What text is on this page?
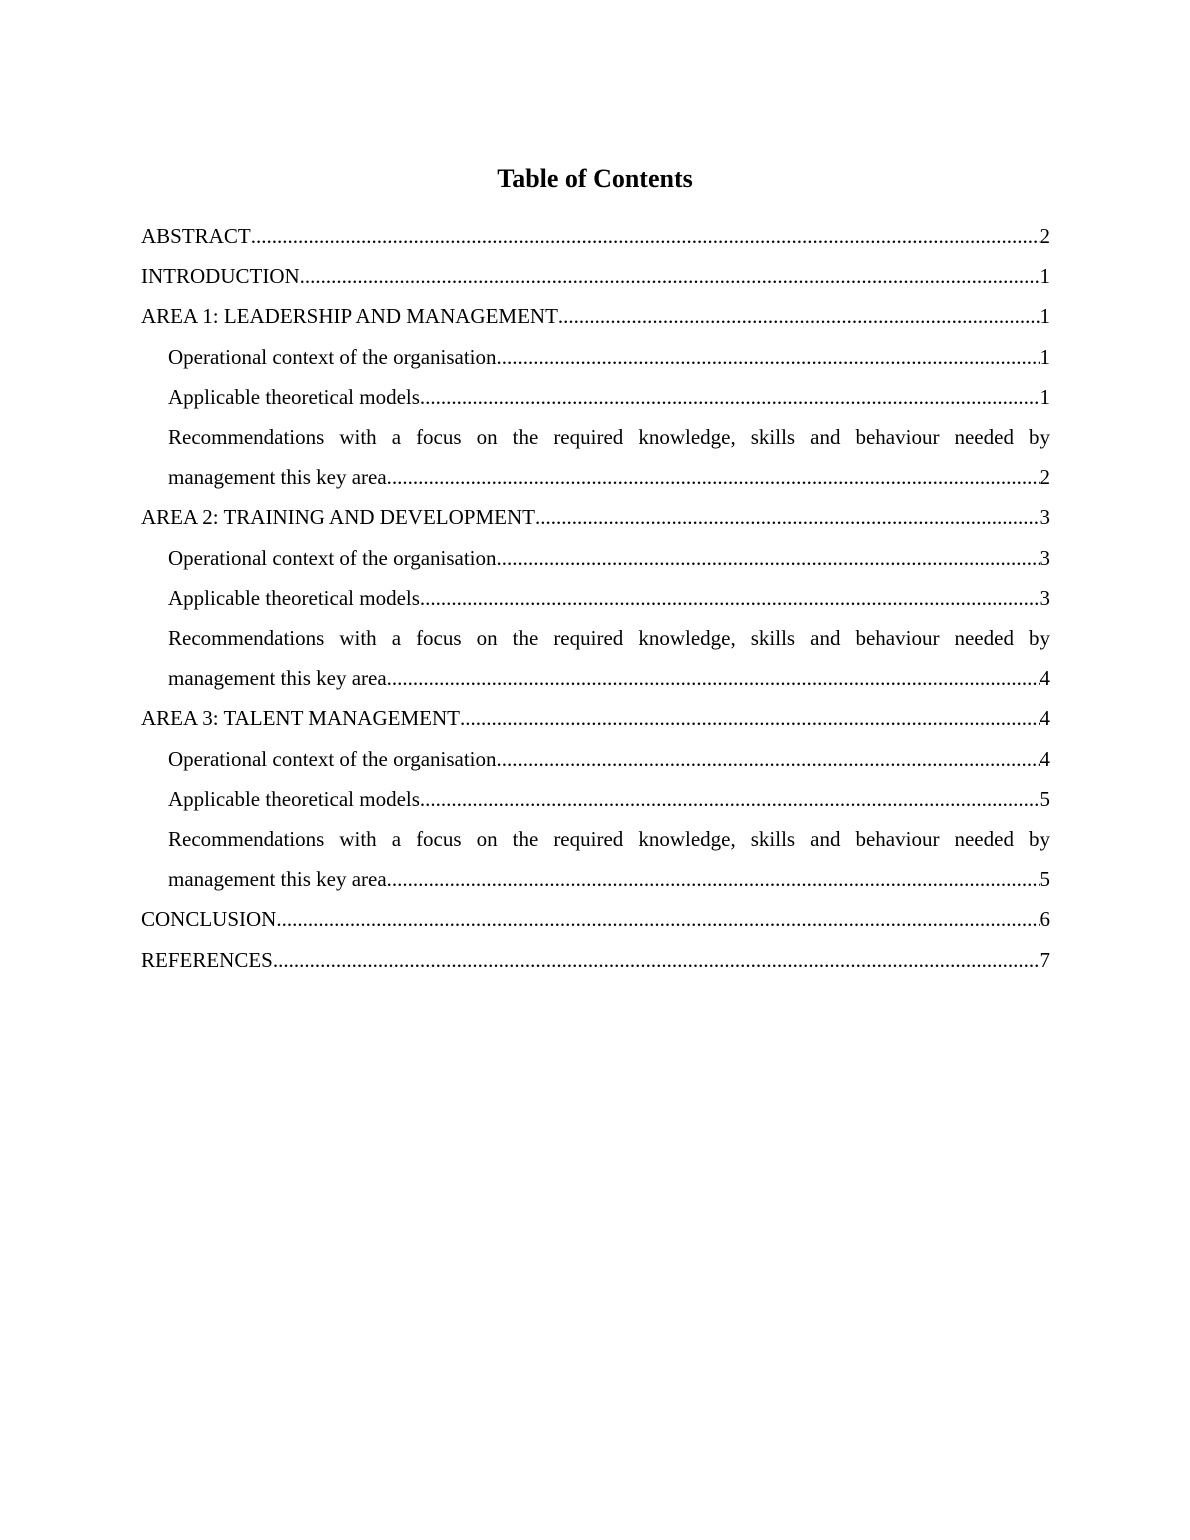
Table of Contents
ABSTRACT .....	2
INTRODUCTION .....	1
AREA 1: LEADERSHIP AND MANAGEMENT .....	1
Operational context of the organisation .....	1
Applicable theoretical models .....	1
Recommendations with a focus on the required knowledge, skills and behaviour needed by
management this key area .....	2
AREA 2: TRAINING AND DEVELOPMENT .....	3
Operational context of the organisation .....	3
Applicable theoretical models .....	3
Recommendations with a focus on the required knowledge, skills and behaviour needed by
management this key area .....	4
AREA 3: TALENT MANAGEMENT .....	4
Operational context of the organisation .....	4
Applicable theoretical models .....	5
Recommendations with a focus on the required knowledge, skills and behaviour needed by
management this key area .....	5
CONCLUSION .....	6
REFERENCES .....	7
